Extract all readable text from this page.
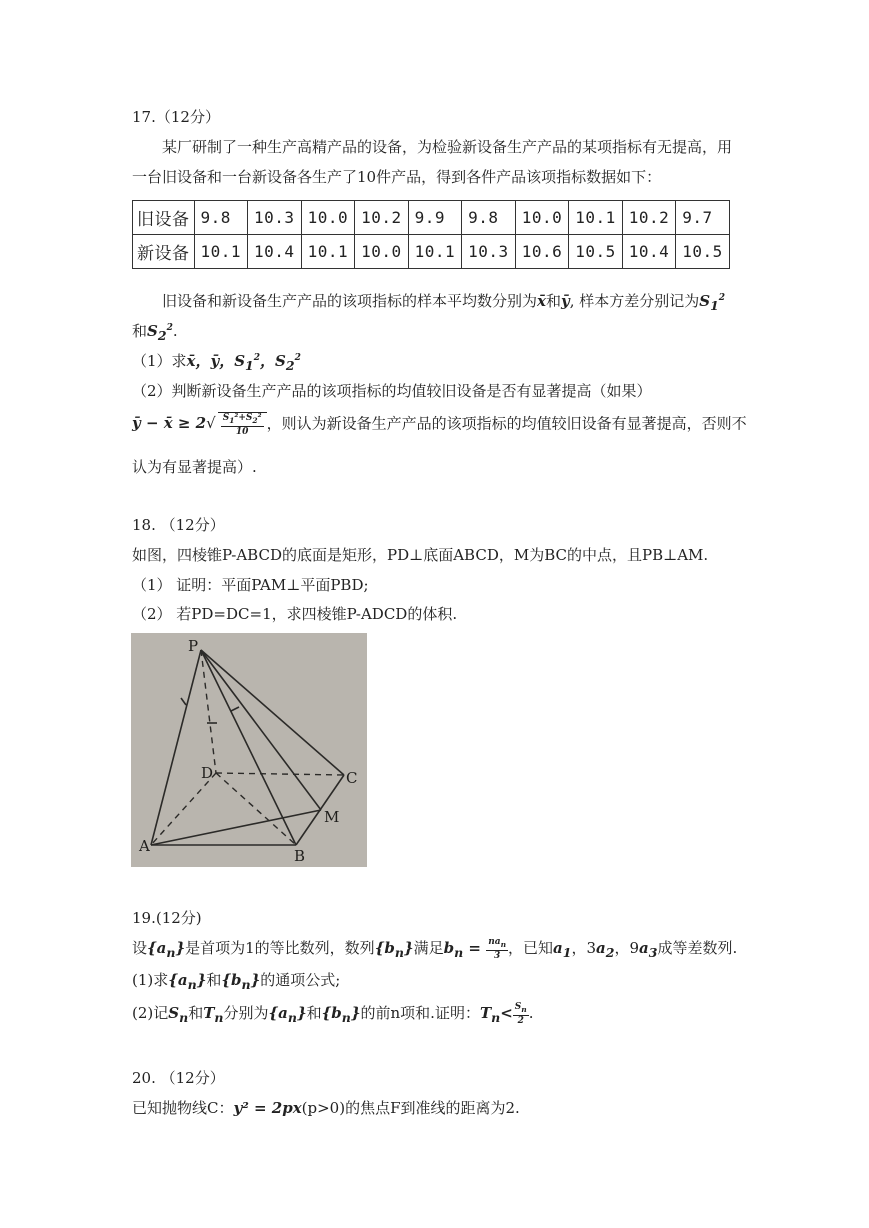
17.（12分）
某厂研制了一种生产高精产品的设备，为检验新设备生产产品的某项指标有无提高，用
一台旧设备和一台新设备各生产了10件产品，得到各件产品该项指标数据如下：
旧设备	9.8	10.3	10.0	10.2	9.9	9.8	10.0	10.1	10.2	9.7
新设备	10.1	10.4	10.1	10.0	10.1	10.3	10.6	10.5	10.4	10.5
旧设备和新设备生产产品的该项指标的样本平均数分别为x̄和ȳ, 样本方差分别记为$S_1^2$
和$S_2^2$.
（1）求x̄，ȳ，$S_1^2$，$S_2^2$
（2）判断新设备生产产品的该项指标的均值较旧设备是否有显著提高（如果）
ȳ − x̄ ≥ $2√ \frac{S_1^2+S_2^2}{10}$ ，则认为新设备生产产品的该项指标的均值较旧设备有显著提高，否则不
认为有显著提高）.
18. （12分）
如图，四棱锥P-ABCD的底面是矩形，PD⊥底面ABCD，M为BC的中点，且PB⊥AM.
（1） 证明：平面PAM⊥平面PBD;
（2） 若PD=DC=1，求四棱锥P-ADCD的体积.
P
D	C
A
B
M
19.(12分)
设$\{a_n\}$是首项为1的等比数列，数列$\{b_n\}$满足$b_n = \frac{na_n}{3}$ ，已知$a_1$，$3a_2$，$9a_3$成等差数列.
(1)求$\{a_n\}$和$\{b_n\}$的通项公式;
(2)记$S_n$和$T_n$分别为$\{a_n\}$和$\{b_n\}$的前n项和.证明：$T_n< \frac{S_n}{2}$ .
20. （12分）
已知抛物线C：y² = 2px(p>0)的焦点F到准线的距离为2.
